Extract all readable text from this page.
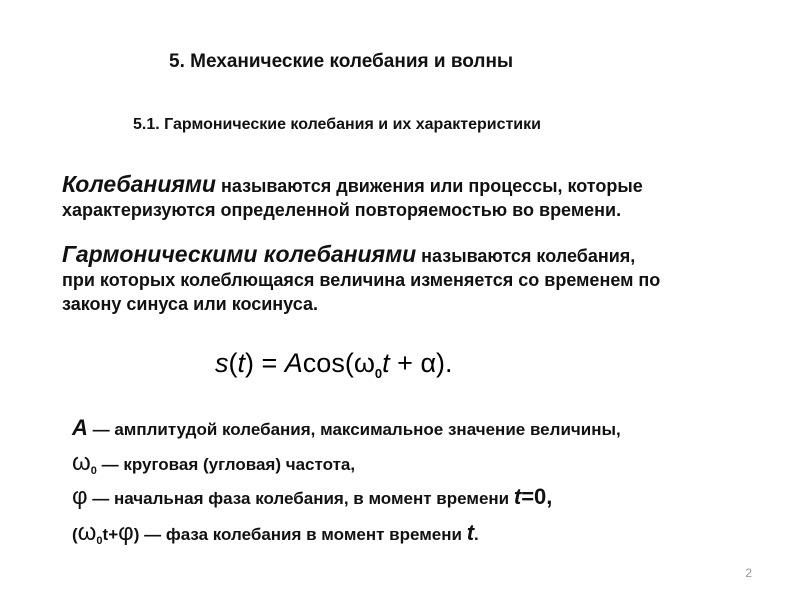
5. Механические колебания и волны
5.1. Гармонические колебания и их характеристики
Колебаниями называются движения или процессы, которые
характеризуются определенной повторяемостью во времени.
Гармоническими колебаниями называются колебания,
при которых колеблющаяся величина изменяется со временем по
закону синуса или косинуса.
$s(t) = Acos(\omega_0t + \alpha)$.
A — амплитудой колебания, максимальное значение величины,
$\omega_0$ — круговая (угловая) частота,
φ — начальная фаза колебания, в момент времени t=0,
$(\omega_0t+\varphi)$ — фаза колебания в момент времени t.
2
